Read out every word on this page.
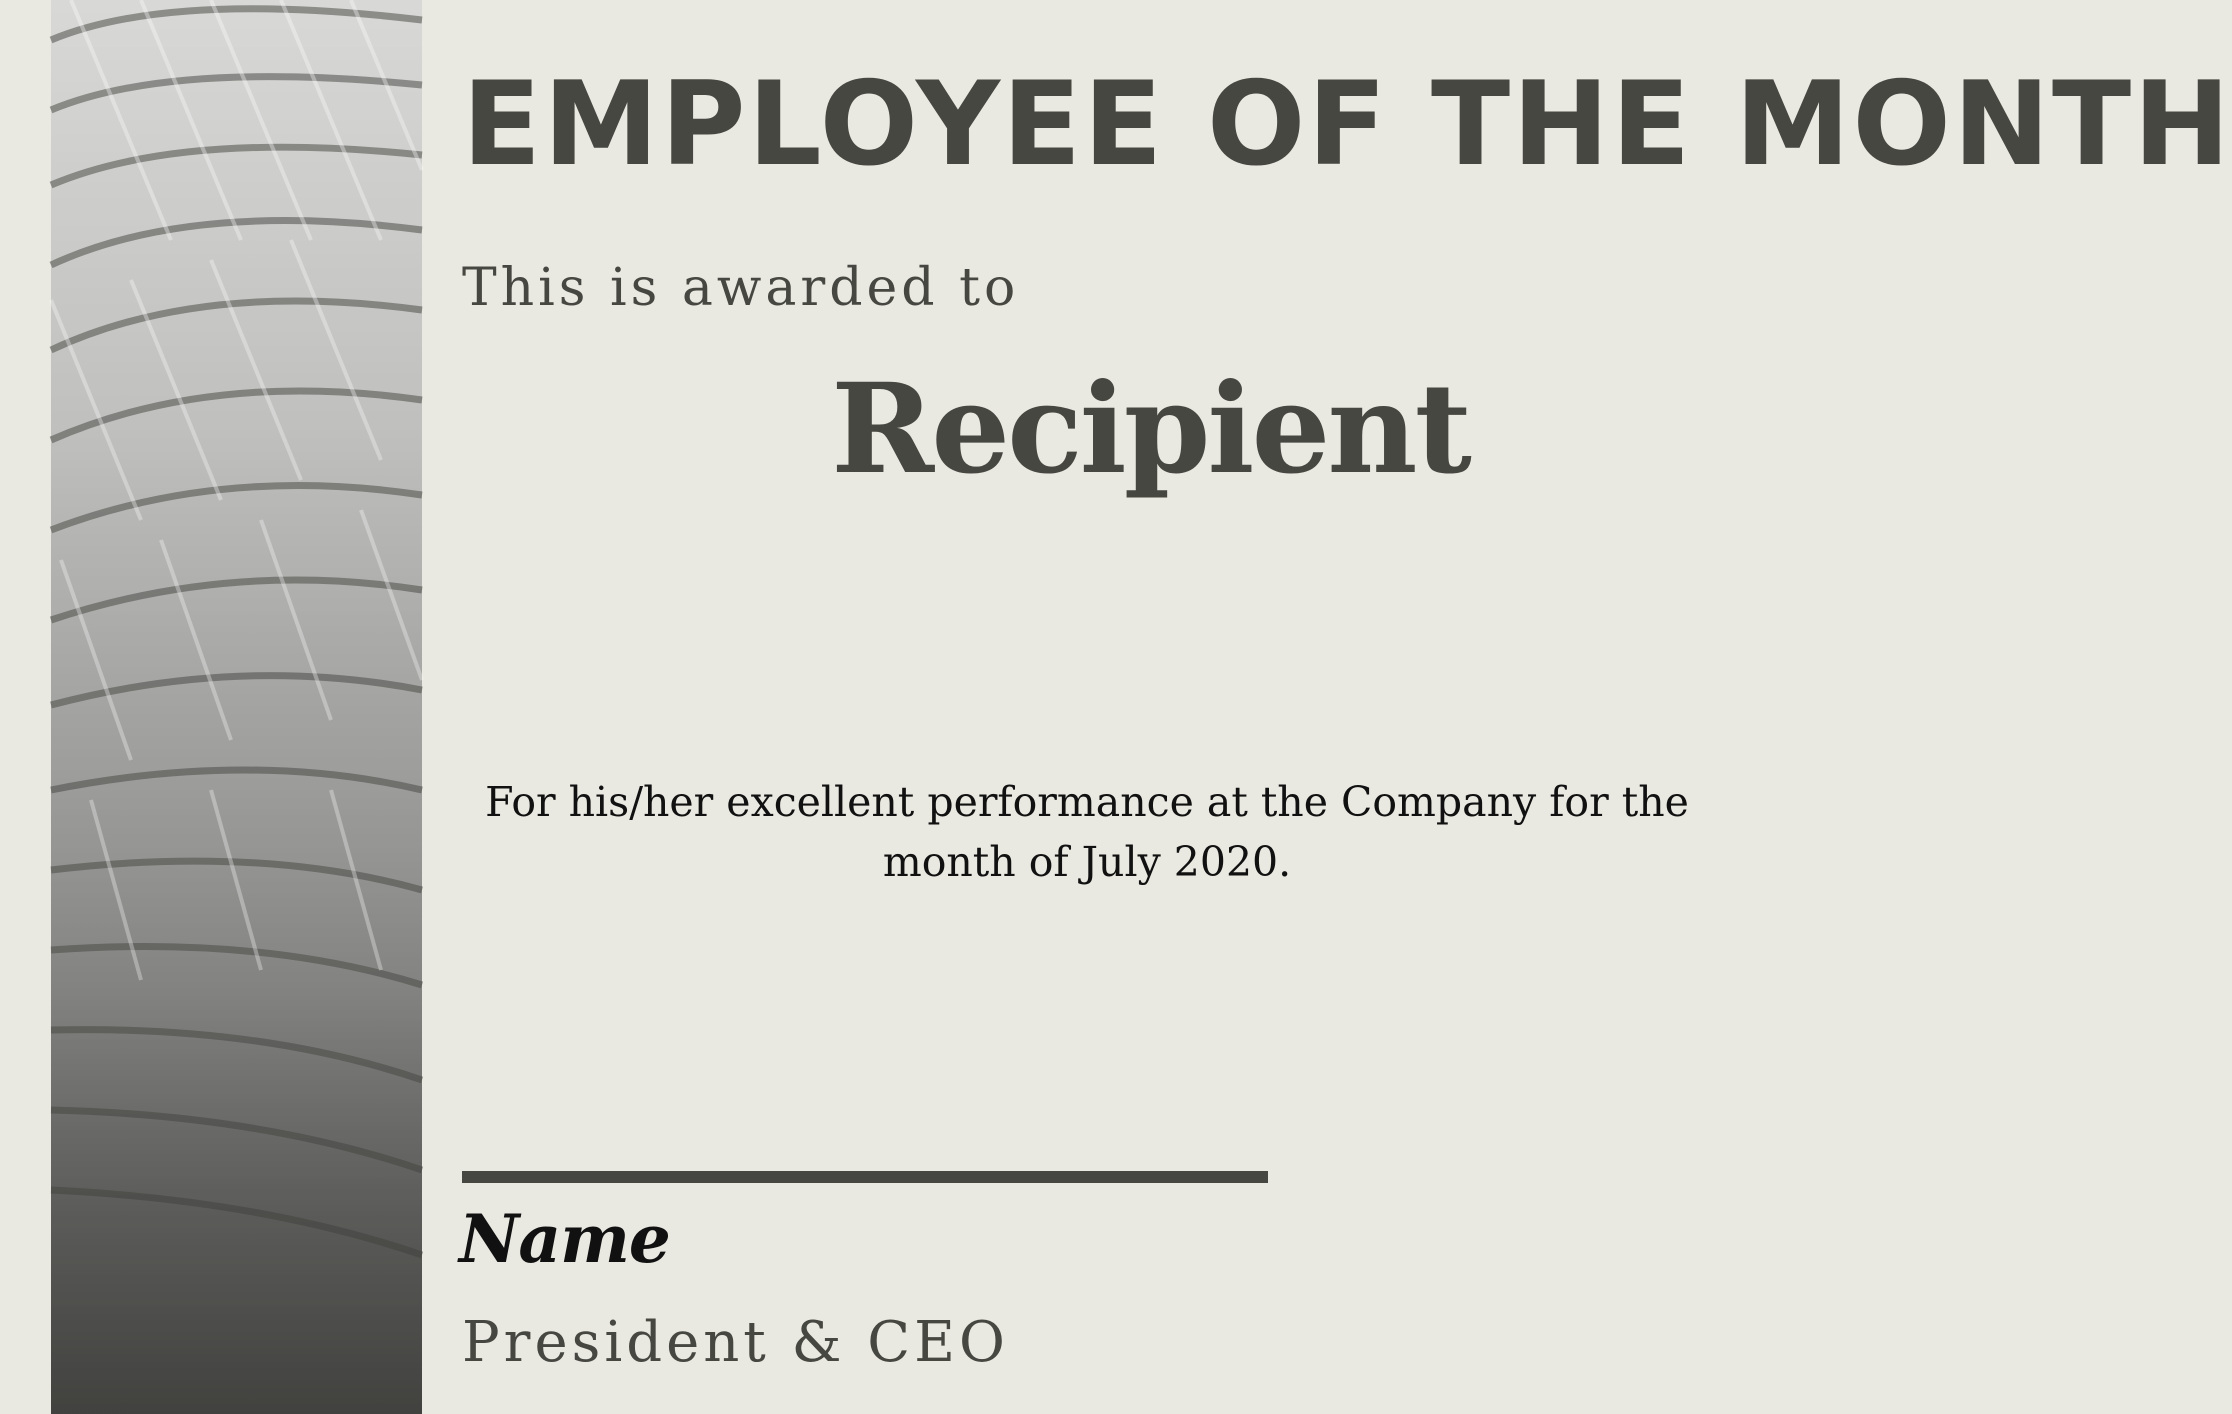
EMPLOYEE OF THE MONTH
This is awarded to
Recipient
For his/her excellent performance at the Company for the
month of July 2020.
Name
President & CEO
